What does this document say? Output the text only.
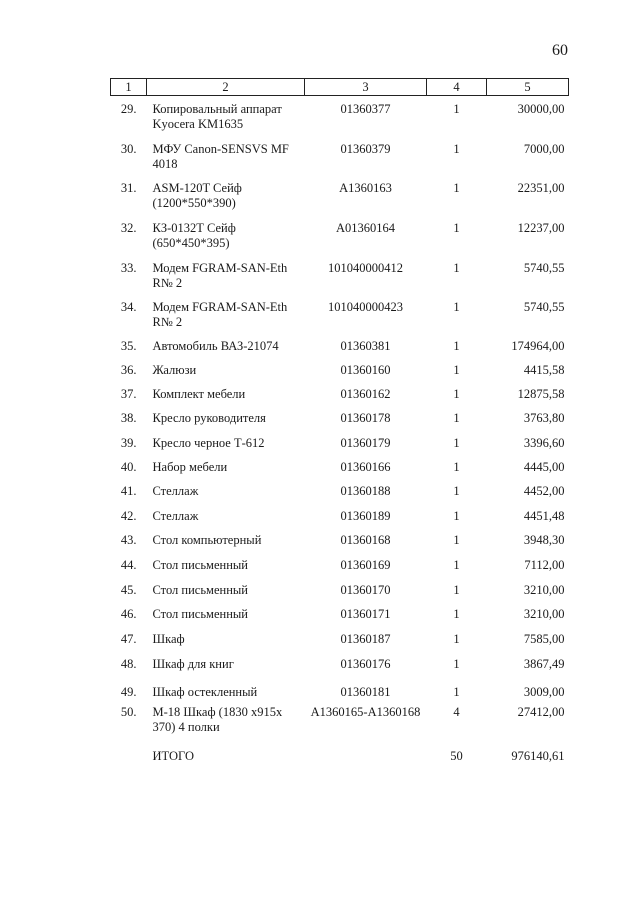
60
1	2	3	4	5
29.	Копировальный аппарат Kyocera KM1635	01360377	1	30000,00
30.	МФУ Canon-SENSVS MF 4018	01360379	1	7000,00
31.	ASM-120T Сейф (1200*550*390)	A1360163	1	22351,00
32.	КЗ-0132Т Сейф (650*450*395)	A01360164	1	12237,00
33.	Модем FGRAM-SAN-Eth R№ 2	101040000412	1	5740,55
34.	Модем FGRAM-SAN-Eth R№ 2	101040000423	1	5740,55
35.	Автомобиль ВАЗ-21074	01360381	1	174964,00
36.	Жалюзи	01360160	1	4415,58
37.	Комплект мебели	01360162	1	12875,58
38.	Кресло руководителя	01360178	1	3763,80
39.	Кресло черное Т-612	01360179	1	3396,60
40.	Набор мебели	01360166	1	4445,00
41.	Стеллаж	01360188	1	4452,00
42.	Стеллаж	01360189	1	4451,48
43.	Стол компьютерный	01360168	1	3948,30
44.	Стол письменный	01360169	1	7112,00
45.	Стол письменный	01360170	1	3210,00
46.	Стол письменный	01360171	1	3210,00
47.	Шкаф	01360187	1	7585,00
48.	Шкаф для книг	01360176	1	3867,49
49.	Шкаф остекленный	01360181	1	3009,00
50.	М-18 Шкаф (1830 х915х 370) 4 полки	A1360165-A1360168	4	27412,00
	ИТОГО		50	976140,61
